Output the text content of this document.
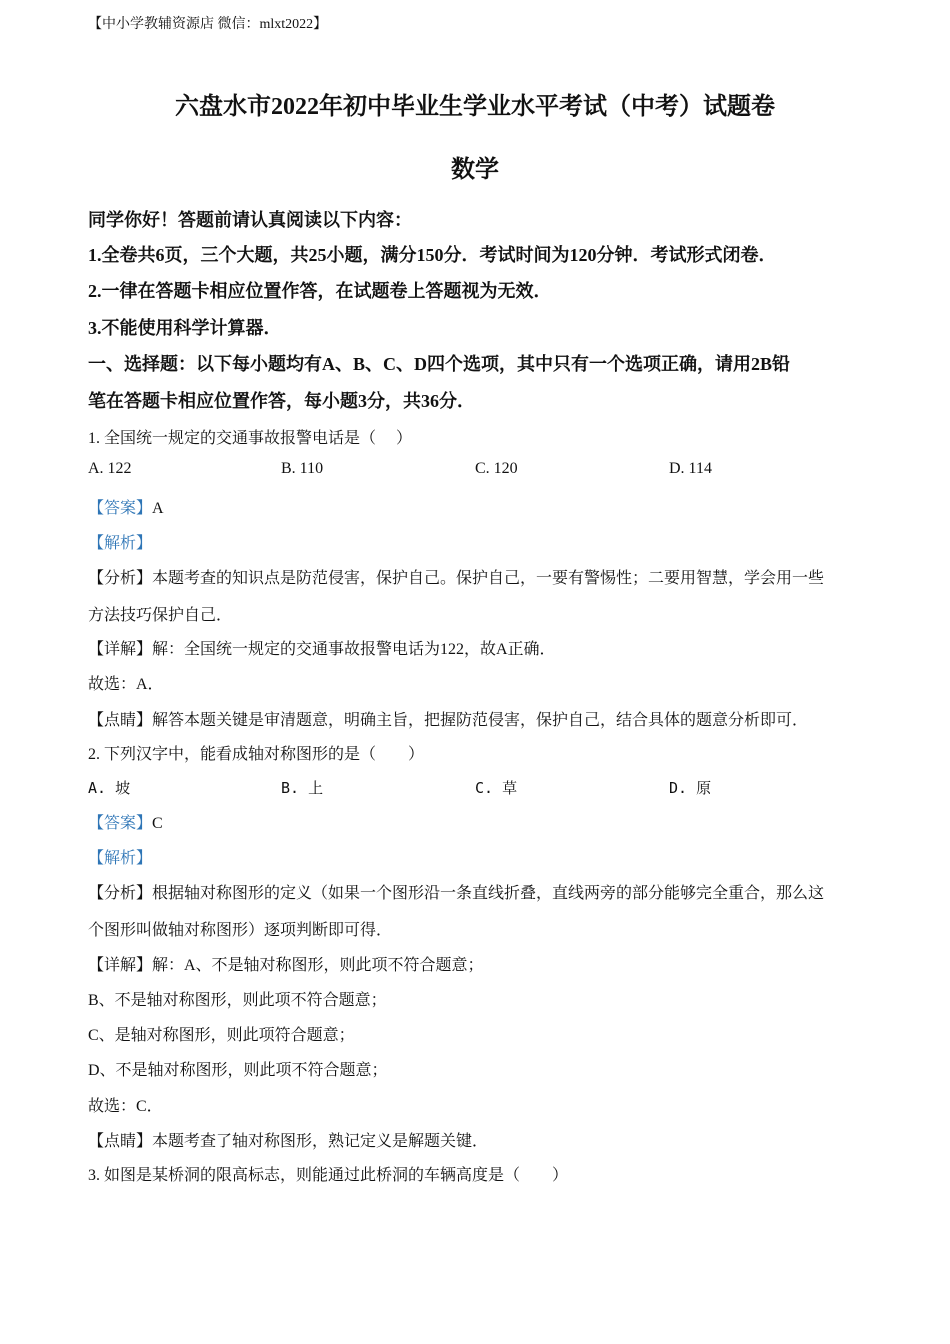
【中小学教辅资源店 微信：mlxt2022】
六盘水市2022年初中毕业生学业水平考试（中考）试题卷
数学
同学你好！答题前请认真阅读以下内容：
1.全卷共6页，三个大题，共25小题，满分150分．考试时间为120分钟．考试形式闭卷．
2.一律在答题卡相应位置作答，在试题卷上答题视为无效．
3.不能使用科学计算器．
一、选择题：以下每小题均有A、B、C、D四个选项，其中只有一个选项正确，请用2B铅
笔在答题卡相应位置作答，每小题3分，共36分．
1. 全国统一规定的交通事故报警电话是（　 ）
A. 122	B. 110	C. 120	D. 114
【答案】A
【解析】
【分析】本题考查的知识点是防范侵害，保护自己。保护自己，一要有警惕性；二要用智慧，学会用一些
方法技巧保护自己．
【详解】解：全国统一规定的交通事故报警电话为122，故A正确．
故选：A．
【点睛】解答本题关键是审清题意，明确主旨，把握防范侵害，保护自己，结合具体的题意分析即可．
2. 下列汉字中，能看成轴对称图形的是（　　）
A. 坡	B. 上	C. 草	D. 原
【答案】C
【解析】
【分析】根据轴对称图形的定义（如果一个图形沿一条直线折叠，直线两旁的部分能够完全重合，那么这
个图形叫做轴对称图形）逐项判断即可得．
【详解】解：A、不是轴对称图形，则此项不符合题意；
B、不是轴对称图形，则此项不符合题意；
C、是轴对称图形，则此项符合题意；
D、不是轴对称图形，则此项不符合题意；
故选：C．
【点睛】本题考查了轴对称图形，熟记定义是解题关键．
3. 如图是某桥洞的限高标志，则能通过此桥洞的车辆高度是（　　）
